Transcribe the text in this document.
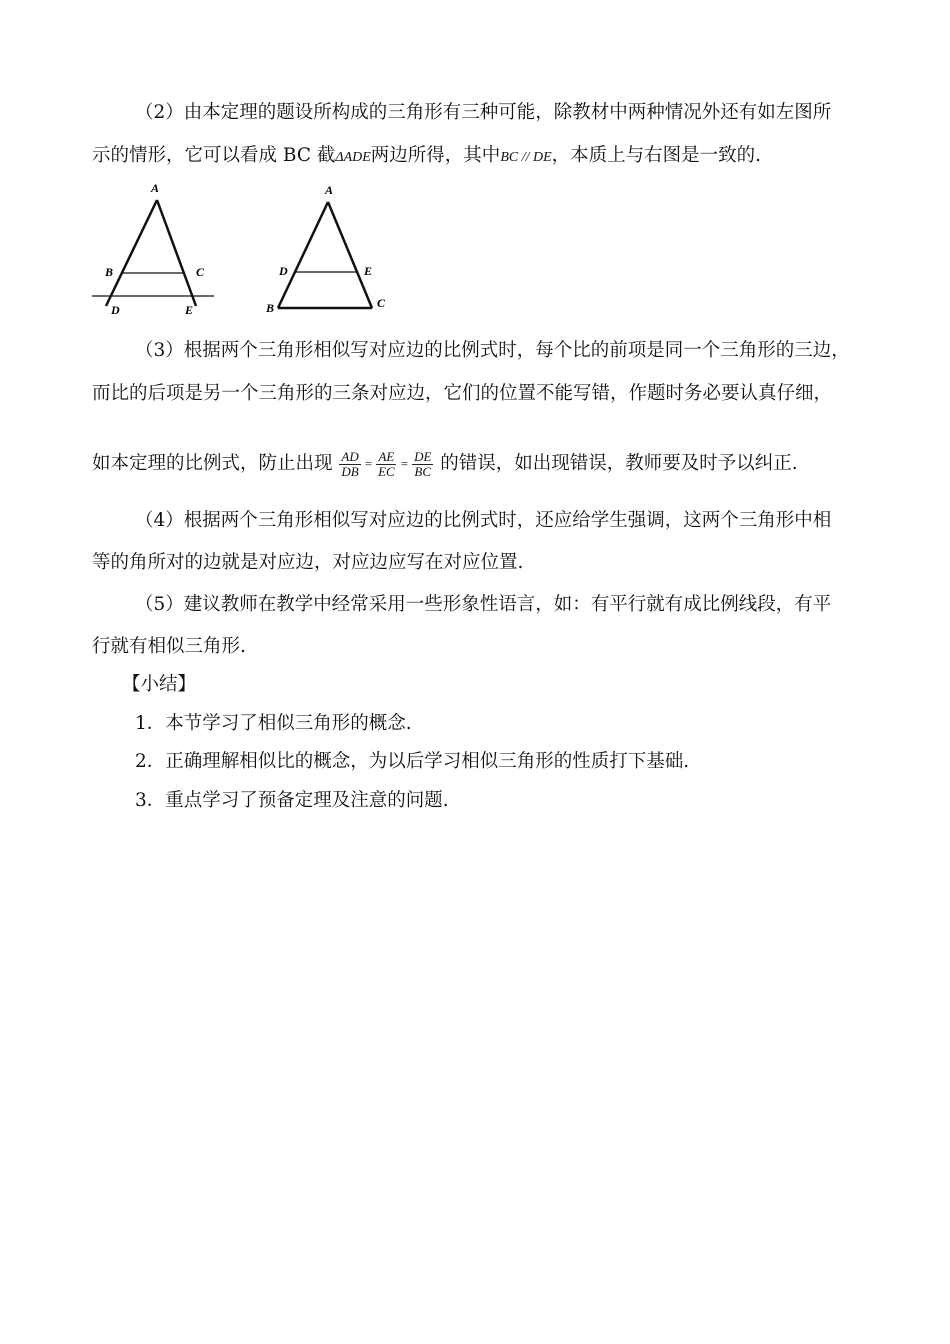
（2）由本定理的题设所构成的三角形有三种可能，除教材中两种情况外还有如左图所
示的情形，它可以看成 BC 截ΔADE两边所得，其中BC // DE，本质上与右图是一致的.
A
B	C
D	E
A
D	E
B	C
（3）根据两个三角形相似写对应边的比例式时，每个比的前项是同一个三角形的三边，
而比的后项是另一个三角形的三条对应边，它们的位置不能写错，作题时务必要认真仔细，
如本定理的比例式，防止出现 $\frac{AD}{DB} = \frac{AE}{EC} = \frac{DE}{BC}$ 的错误，如出现错误，教师要及时予以纠正.
（4）根据两个三角形相似写对应边的比例式时，还应给学生强调，这两个三角形中相
等的角所对的边就是对应边，对应边应写在对应位置.
（5）建议教师在教学中经常采用一些形象性语言，如：有平行就有成比例线段，有平
行就有相似三角形.
【小结】
1．本节学习了相似三角形的概念.
2．正确理解相似比的概念，为以后学习相似三角形的性质打下基础.
3．重点学习了预备定理及注意的问题.
